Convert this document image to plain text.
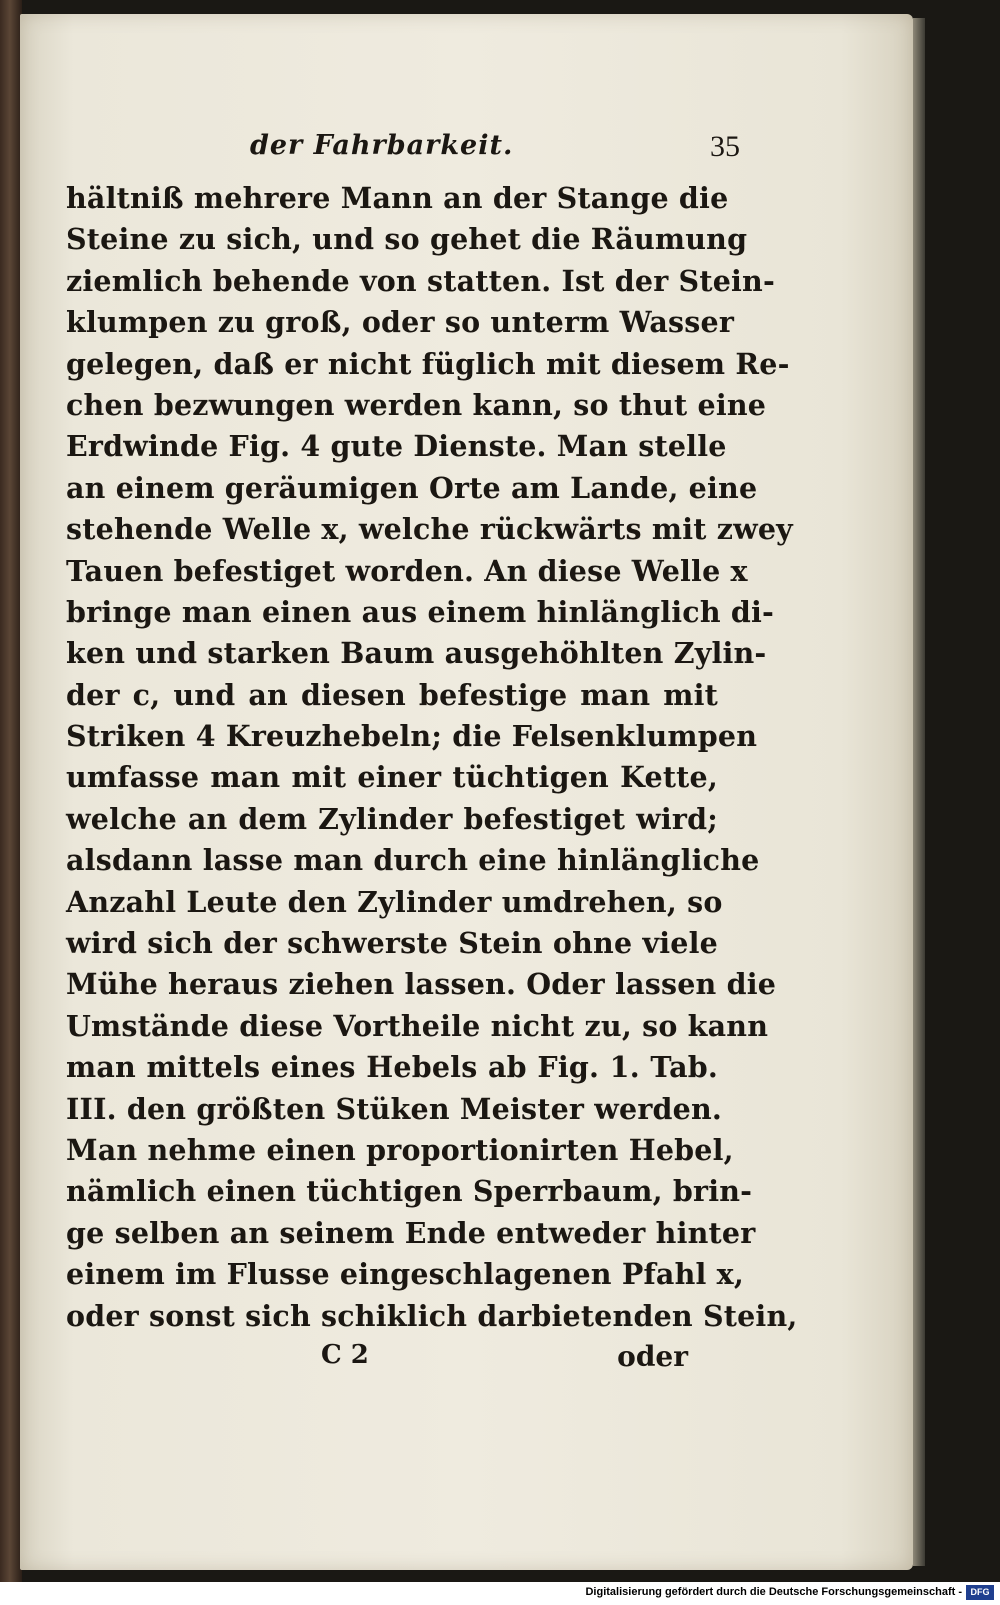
der Fahrbarkeit.	35
hältniß mehrere Mann an der Stange die
Steine zu sich, und so gehet die Räumung
ziemlich behende von statten. Ist der Stein-
klumpen zu groß, oder so unterm Wasser
gelegen, daß er nicht füglich mit diesem Re-
chen bezwungen werden kann, so thut eine
Erdwinde Fig. 4 gute Dienste. Man stelle
an einem geräumigen Orte am Lande, eine
stehende Welle x, welche rückwärts mit zwey
Tauen befestiget worden. An diese Welle x
bringe man einen aus einem hinlänglich di-
ken und starken Baum ausgehöhlten Zylin-
der c, und an diesen befestige man mit
Striken 4 Kreuzhebeln; die Felsenklumpen
umfasse man mit einer tüchtigen Kette,
welche an dem Zylinder befestiget wird;
alsdann lasse man durch eine hinlängliche
Anzahl Leute den Zylinder umdrehen, so
wird sich der schwerste Stein ohne viele
Mühe heraus ziehen lassen. Oder lassen die
Umstände diese Vortheile nicht zu, so kann
man mittels eines Hebels ab Fig. 1. Tab.
III. den größten Stüken Meister werden.
Man nehme einen proportionirten Hebel,
nämlich einen tüchtigen Sperrbaum, brin-
ge selben an seinem Ende entweder hinter
einem im Flusse eingeschlagenen Pfahl x,
oder sonst sich schiklich darbietenden Stein,
C 2	oder
Digitalisierung gefördert durch die Deutsche Forschungsgemeinschaft - DFG
